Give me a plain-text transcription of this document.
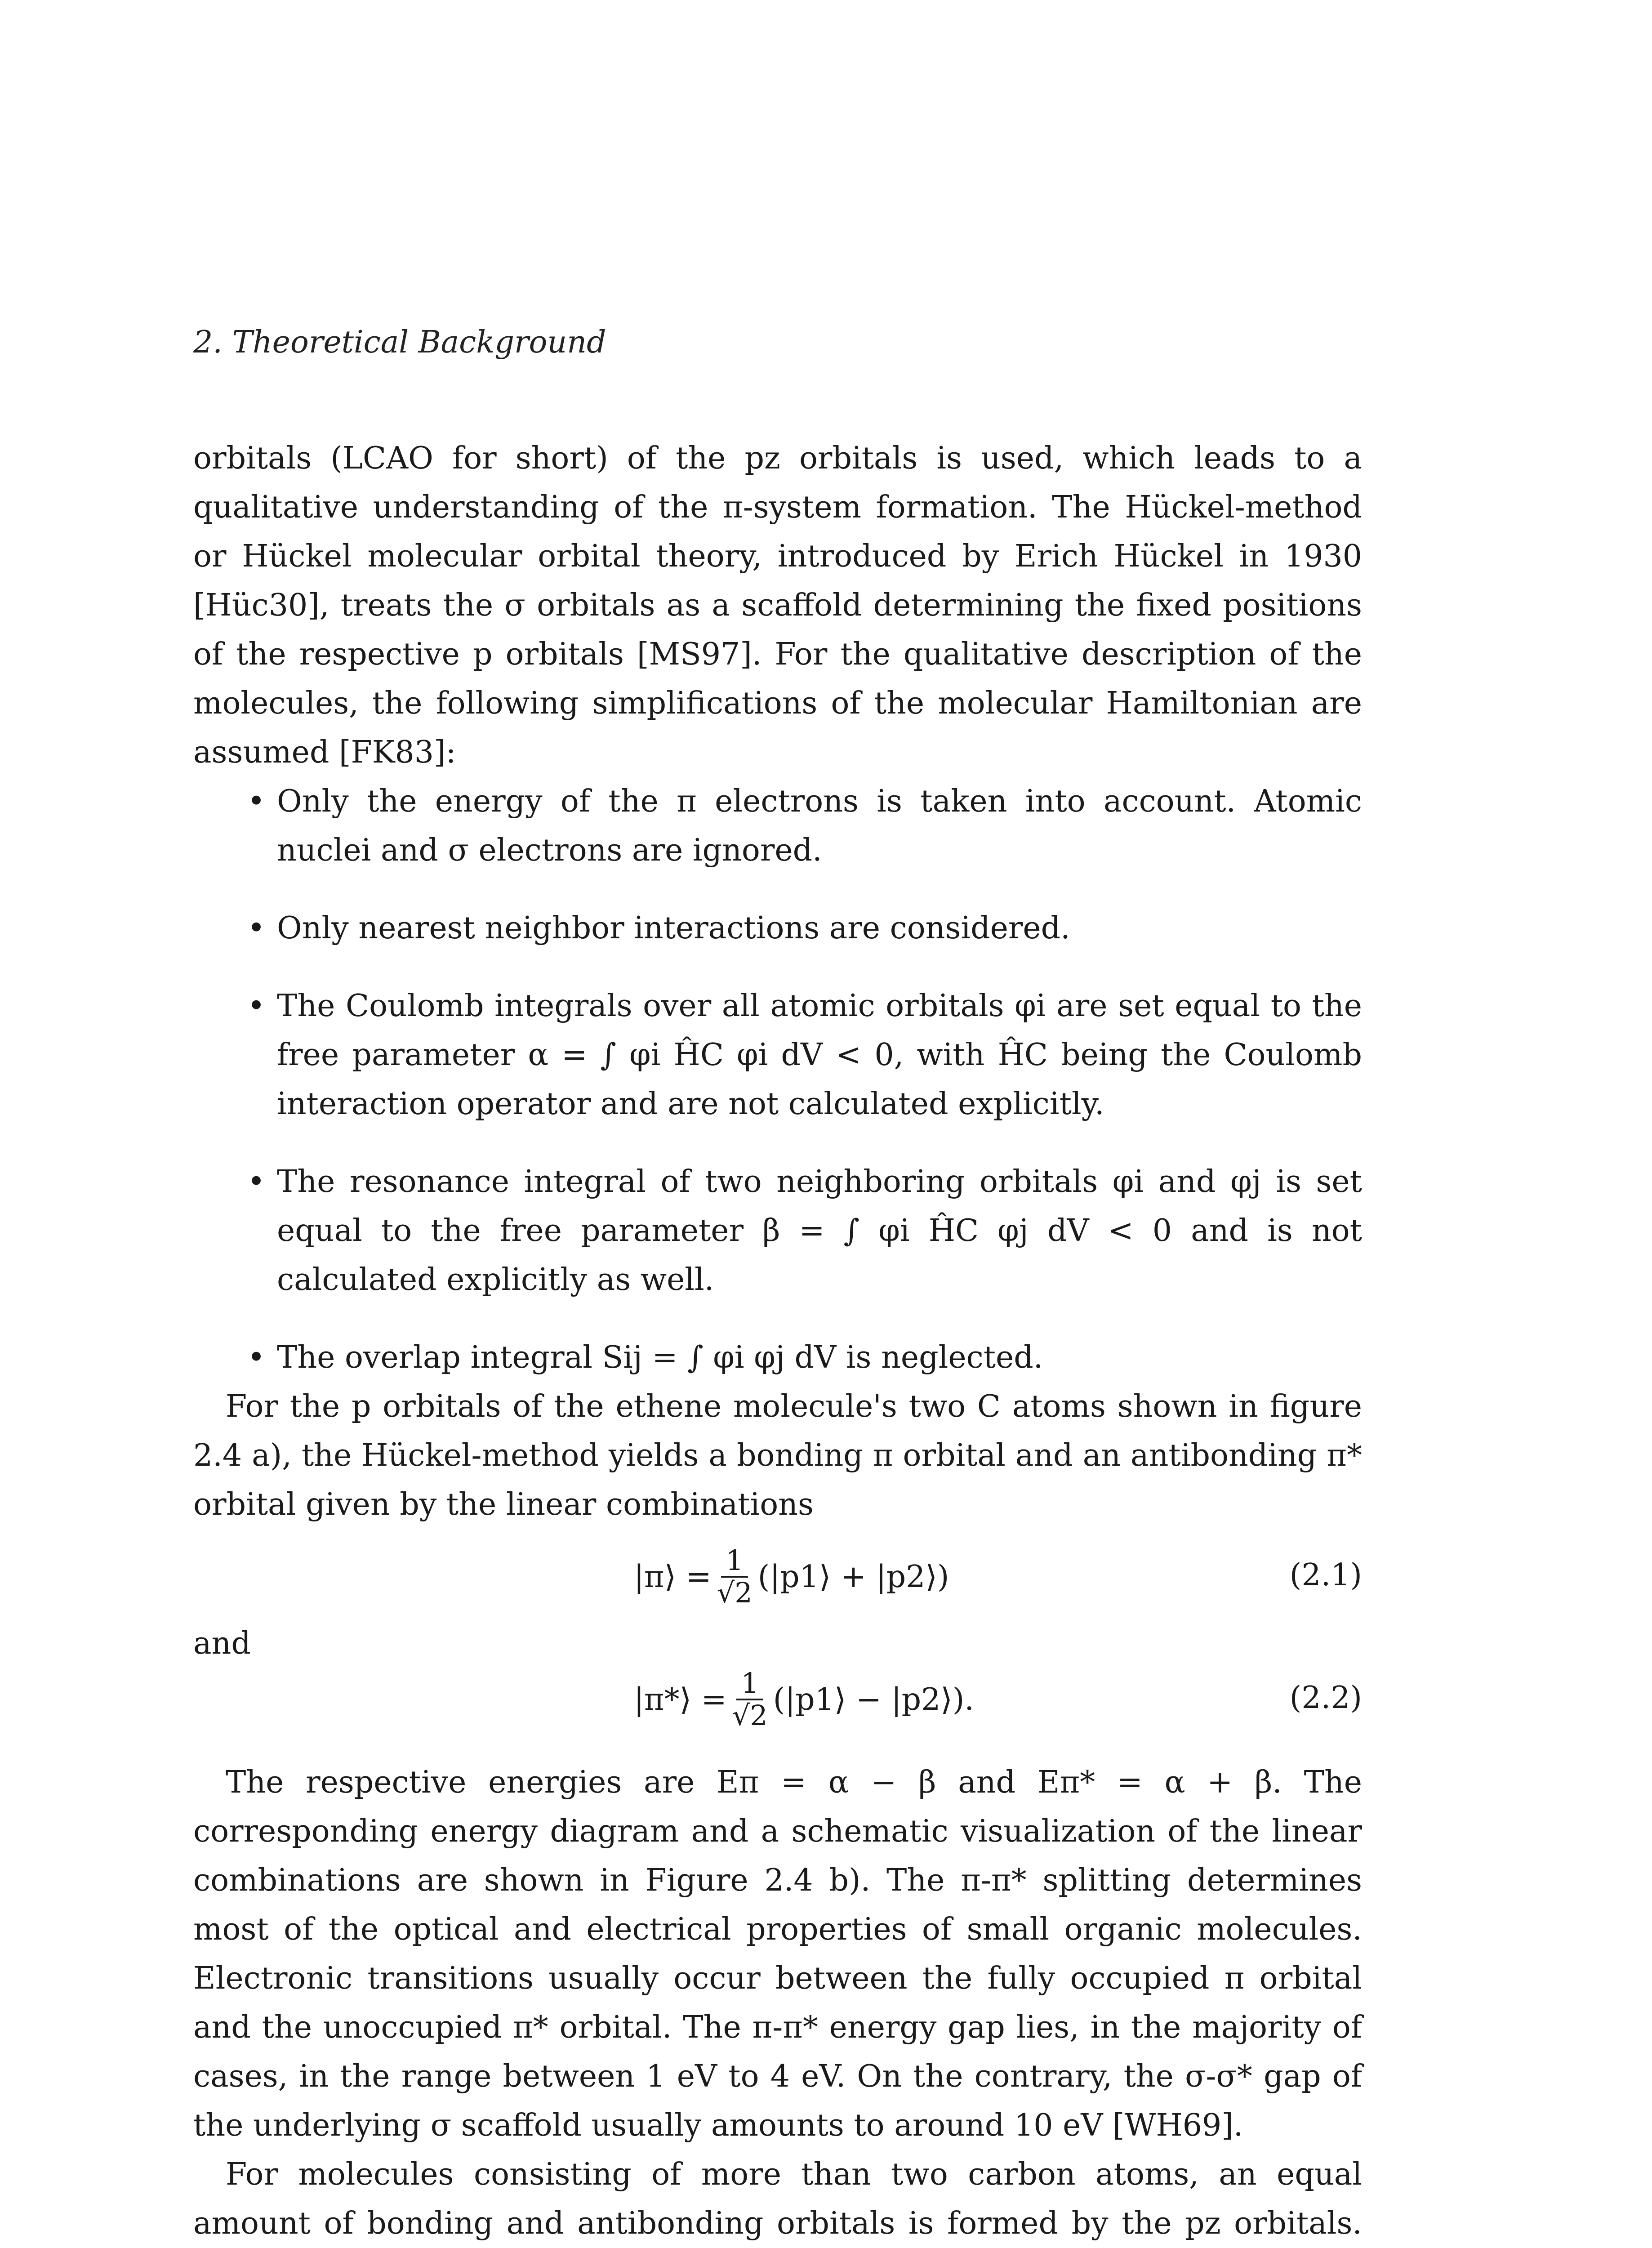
2. Theoretical Background

orbitals (LCAO for short) of the pz orbitals is used, which leads to a qualitative understanding of the π-system formation. The Hückel-method or Hückel molecular orbital theory, introduced by Erich Hückel in 1930 [Hüc30], treats the σ orbitals as a scaffold determining the fixed positions of the respective p orbitals [MS97]. For the qualitative description of the molecules, the following simplifications of the molecular Hamiltonian are assumed [FK83]:

• Only the energy of the π electrons is taken into account. Atomic nuclei and σ electrons are ignored.
• Only nearest neighbor interactions are considered.
• The Coulomb integrals over all atomic orbitals φi are set equal to the free parameter α = ∫ φi ĤC φi dV < 0, with ĤC being the Coulomb interaction operator and are not calculated explicitly.
• The resonance integral of two neighboring orbitals φi and φj is set equal to the free parameter β = ∫ φi ĤC φj dV < 0 and is not calculated explicitly as well.
• The overlap integral Sij = ∫ φi φj dV is neglected.

For the p orbitals of the ethene molecule's two C atoms shown in figure 2.4 a), the Hückel-method yields a bonding π orbital and an antibonding π* orbital given by the linear combinations

|π⟩ = $\frac{1}{√2}$ (|p1⟩ + |p2⟩)	(2.1)

and

|π*⟩ = $\frac{1}{√2}$ (|p1⟩ − |p2⟩).	(2.2)

The respective energies are Eπ = α − β and Eπ* = α + β. The corresponding energy diagram and a schematic visualization of the linear combinations are shown in Figure 2.4 b). The π-π* splitting determines most of the optical and electrical properties of small organic molecules. Electronic transitions usually occur between the fully occupied π orbital and the unoccupied π* orbital. The π-π* energy gap lies, in the majority of cases, in the range between 1 eV to 4 eV. On the contrary, the σ-σ* gap of the underlying σ scaffold usually amounts to around 10 eV [WH69].

For molecules consisting of more than two carbon atoms, an equal amount of bonding and antibonding orbitals is formed by the pz orbitals.
